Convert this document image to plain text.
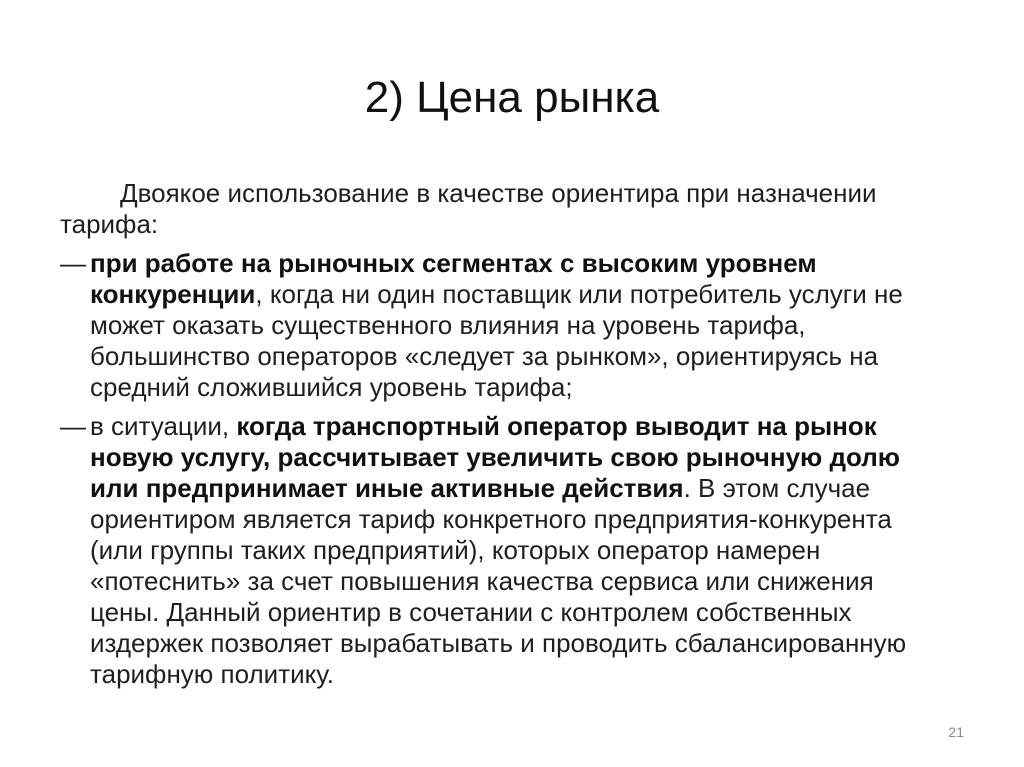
2) Цена рынка

Двоякое использование в качестве ориентира при назначении тарифа:

— при работе на рыночных сегментах с высоким уровнем конкуренции, когда ни один поставщик или потребитель услуги не может оказать существенного влияния на уровень тарифа, большинство операторов «следует за рынком», ориентируясь на средний сложившийся уровень тарифа;

— в ситуации, когда транспортный оператор выводит на рынок новую услугу, рассчитывает увеличить свою рыночную долю или предпринимает иные активные действия. В этом случае ориентиром является тариф конкретного предприятия-конкурента (или группы таких предприятий), которых оператор намерен «потеснить» за счет повышения качества сервиса или снижения цены. Данный ориентир в сочетании с контролем собственных издержек позволяет вырабатывать и проводить сбалансированную тарифную политику.

21
